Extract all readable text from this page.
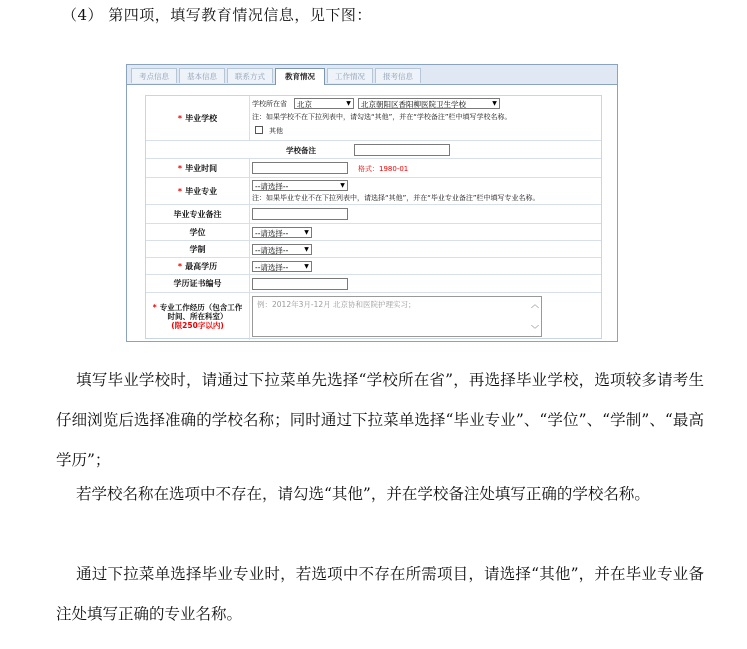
（4） 第四项，填写教育情况信息，见下图：
考点信息	基本信息	联系方式	教育情况	工作情况	报考信息
* 毕业学校
学校所在省	北京	▼	北京朝阳区香阳柳医院卫生学校	▼
注：如果学校不在下拉列表中，请勾选“其他”，并在“学校备注”栏中填写学校名称。
其他
学校备注
* 毕业时间	格式：1980-01
* 毕业专业	--请选择--	▼
注：如果毕业专业不在下拉列表中，请选择“其他”，并在“毕业专业备注”栏中填写专业名称。
毕业专业备注
学位	--请选择--	▼
学制	--请选择--	▼
* 最高学历	--请选择--	▼
学历证书编号
* 专业工作经历（包含工作时间、所在科室）
(限250字以内)
例：2012年3月-12月 北京协和医院护理实习；	︿
﹀
填写毕业学校时，请通过下拉菜单先选择“学校所在省”，再选择毕业学校，选项较多请考生仔细浏览后选择准确的学校名称；同时通过下拉菜单选择“毕业专业”、“学位”、“学制”、“最高学历”；
若学校名称在选项中不存在，请勾选“其他”，并在学校备注处填写正确的学校名称。
通过下拉菜单选择毕业专业时，若选项中不存在所需项目，请选择“其他”，并在毕业专业备注处填写正确的专业名称。
